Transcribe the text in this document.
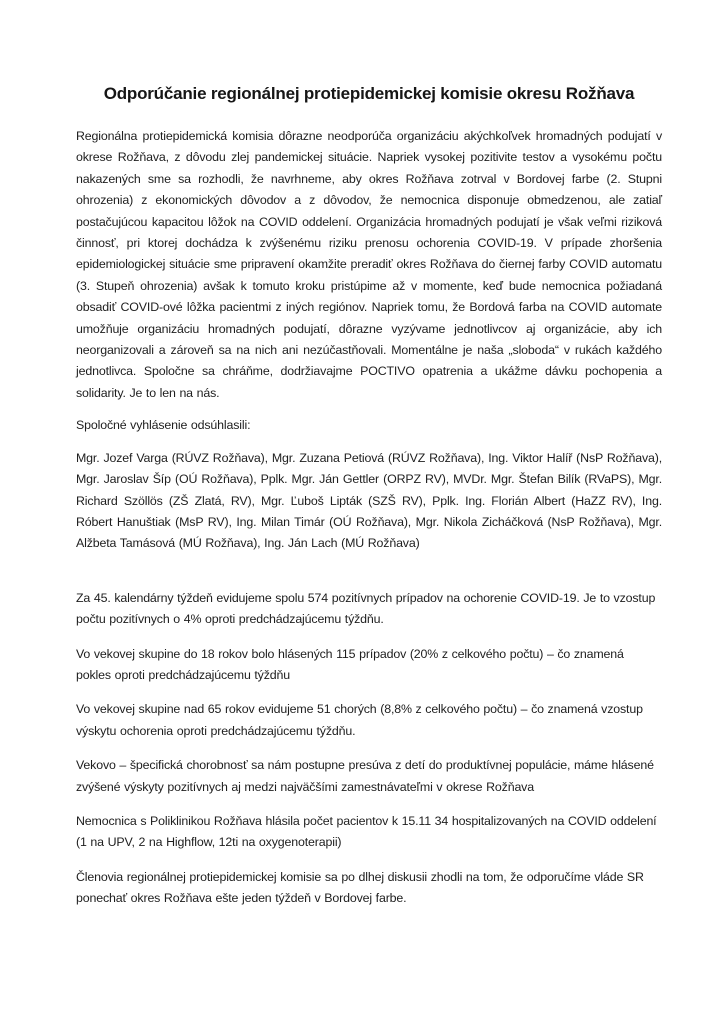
Odporúčanie regionálnej protiepidemickej komisie okresu Rožňava

Regionálna protiepidemická komisia dôrazne neodporúča organizáciu akýchkoľvek hromadných podujatí v okrese Rožňava, z dôvodu zlej pandemickej situácie. Napriek vysokej pozitivite testov a vysokému počtu nakazených sme sa rozhodli, že navrhneme, aby okres Rožňava zotrval v Bordovej farbe (2. Stupni ohrozenia) z ekonomických dôvodov a z dôvodov, že nemocnica disponuje obmedzenou, ale zatiaľ postačujúcou kapacitou lôžok na COVID oddelení. Organizácia hromadných podujatí je však veľmi riziková činnosť, pri ktorej dochádza k zvýšenému riziku prenosu ochorenia COVID-19. V prípade zhoršenia epidemiologickej situácie sme pripravení okamžite preradiť okres Rožňava do čiernej farby COVID automatu (3. Stupeň ohrozenia) avšak k tomuto kroku pristúpime až v momente, keď bude nemocnica požiadaná obsadiť COVID-ové lôžka pacientmi z iných regiónov. Napriek tomu, že Bordová farba na COVID automate umožňuje organizáciu hromadných podujatí, dôrazne vyzývame jednotlivcov aj organizácie, aby ich neorganizovali a zároveň sa na nich ani nezúčastňovali. Momentálne je naša „sloboda“ v rukách každého jednotlivca. Spoločne sa chráňme, dodržiavajme POCTIVO opatrenia a ukážme dávku pochopenia a solidarity. Je to len na nás.

Spoločné vyhlásenie odsúhlasili:

Mgr. Jozef Varga (RÚVZ Rožňava), Mgr. Zuzana Petiová (RÚVZ Rožňava), Ing. Viktor Halíř (NsP Rožňava), Mgr. Jaroslav Šíp (OÚ Rožňava), Pplk. Mgr. Ján Gettler (ORPZ RV), MVDr. Mgr. Štefan Bilík (RVaPS), Mgr. Richard Szöllös (ZŠ Zlatá, RV), Mgr. Ľuboš Lipták (SZŠ RV), Pplk. Ing. Florián Albert (HaZZ RV), Ing. Róbert Hanuštiak (MsP RV), Ing. Milan Timár (OÚ Rožňava), Mgr. Nikola Zicháčková (NsP Rožňava), Mgr. Alžbeta Tamásová (MÚ Rožňava), Ing. Ján Lach (MÚ Rožňava)

Za 45. kalendárny týždeň evidujeme spolu 574 pozitívnych prípadov na ochorenie COVID-19. Je to vzostup počtu pozitívnych o 4% oproti predchádzajúcemu týždňu.

Vo vekovej skupine do 18 rokov bolo hlásených 115 prípadov (20% z celkového počtu) – čo znamená pokles oproti predchádzajúcemu týždňu

Vo vekovej skupine nad 65 rokov evidujeme 51 chorých (8,8% z celkového počtu) – čo znamená vzostup výskytu ochorenia oproti predchádzajúcemu týždňu.

Vekovo – špecifická chorobnosť sa nám postupne presúva z detí do produktívnej populácie, máme hlásené zvýšené výskyty pozitívnych aj medzi najväčšími zamestnávateľmi v okrese Rožňava

Nemocnica s Poliklinikou Rožňava hlásila počet pacientov k 15.11 34 hospitalizovaných na COVID oddelení (1 na UPV, 2 na Highflow, 12ti na oxygenoterapii)

Členovia regionálnej protiepidemickej komisie sa po dlhej diskusii zhodli na tom, že odporučíme vláde SR ponechať okres Rožňava ešte jeden týždeň v Bordovej farbe.
